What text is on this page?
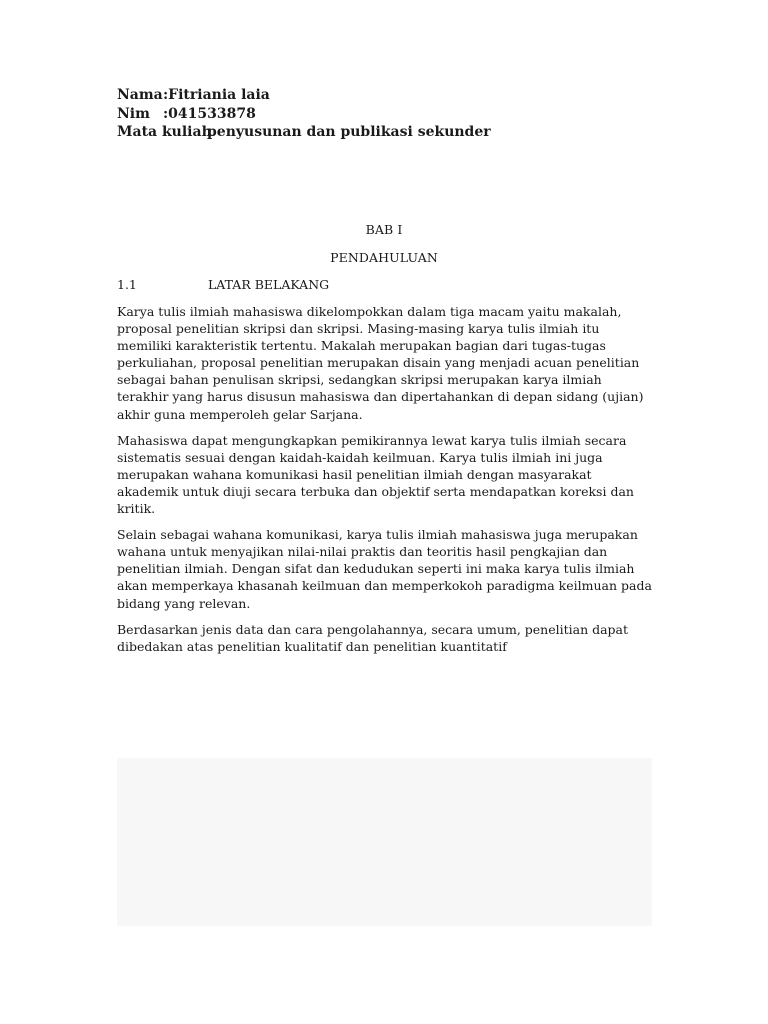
Nama :Fitriania laia
Nim :041533878
Mata kuliah
penyusunan dan publikasi sekunder
BAB I
PENDAHULUAN
1.1	LATAR BELAKANG

Karya tulis ilmiah mahasiswa dikelompokkan dalam tiga macam yaitu makalah, proposal penelitian skripsi dan skripsi. Masing-masing karya tulis ilmiah itu memiliki karakteristik tertentu. Makalah merupakan bagian dari tugas-tugas perkuliahan, proposal penelitian merupakan disain yang menjadi acuan penelitian sebagai bahan penulisan skripsi, sedangkan skripsi merupakan karya ilmiah terakhir yang harus disusun mahasiswa dan dipertahankan di depan sidang (ujian) akhir guna memperoleh gelar Sarjana.

Mahasiswa dapat mengungkapkan pemikirannya lewat karya tulis ilmiah secara sistematis sesuai dengan kaidah-kaidah keilmuan. Karya tulis ilmiah ini juga merupakan wahana komunikasi hasil penelitian ilmiah dengan masyarakat akademik untuk diuji secara terbuka dan objektif serta mendapatkan koreksi dan kritik.

Selain sebagai wahana komunikasi, karya tulis ilmiah mahasiswa juga merupakan wahana untuk menyajikan nilai-nilai praktis dan teoritis hasil pengkajian dan penelitian ilmiah. Dengan sifat dan kedudukan seperti ini maka karya tulis ilmiah akan memperkaya khasanah keilmuan dan memperkokoh paradigma keilmuan pada bidang yang relevan.

Berdasarkan jenis data dan cara pengolahannya, secara umum, penelitian dapat dibedakan atas penelitian kualitatif dan penelitian kuantitatif
